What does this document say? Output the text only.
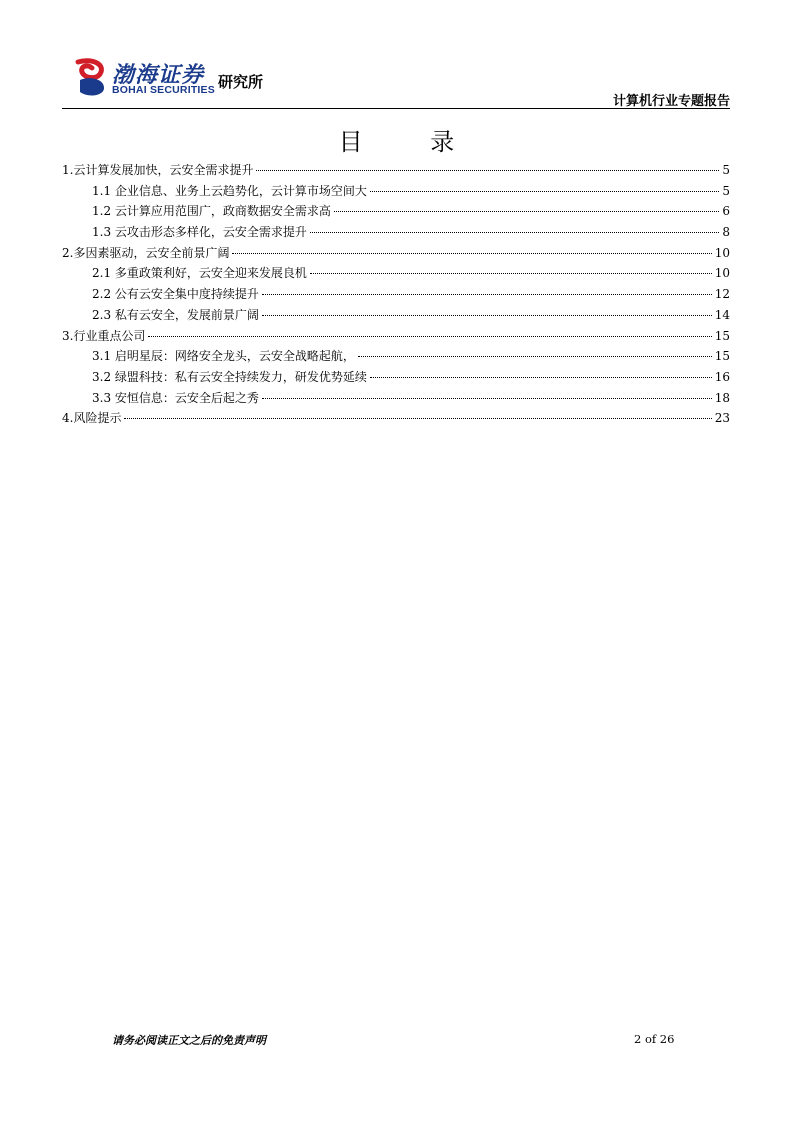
渤海证券
BOHAI SECURITIES 研究所
计算机行业专题报告
目 录
1.云计算发展加快，云安全需求提升	5
1.1 企业信息、业务上云趋势化，云计算市场空间大	5
1.2 云计算应用范围广，政商数据安全需求高	6
1.3 云攻击形态多样化，云安全需求提升	8
2.多因素驱动，云安全前景广阔	10
2.1 多重政策利好，云安全迎来发展良机	10
2.2 公有云安全集中度持续提升	12
2.3 私有云安全，发展前景广阔	14
3.行业重点公司	15
3.1 启明星辰：网络安全龙头，云安全战略起航，	15
3.2 绿盟科技：私有云安全持续发力，研发优势延续	16
3.3 安恒信息：云安全后起之秀	18
4.风险提示	23
请务必阅读正文之后的免责声明	2 of 26
